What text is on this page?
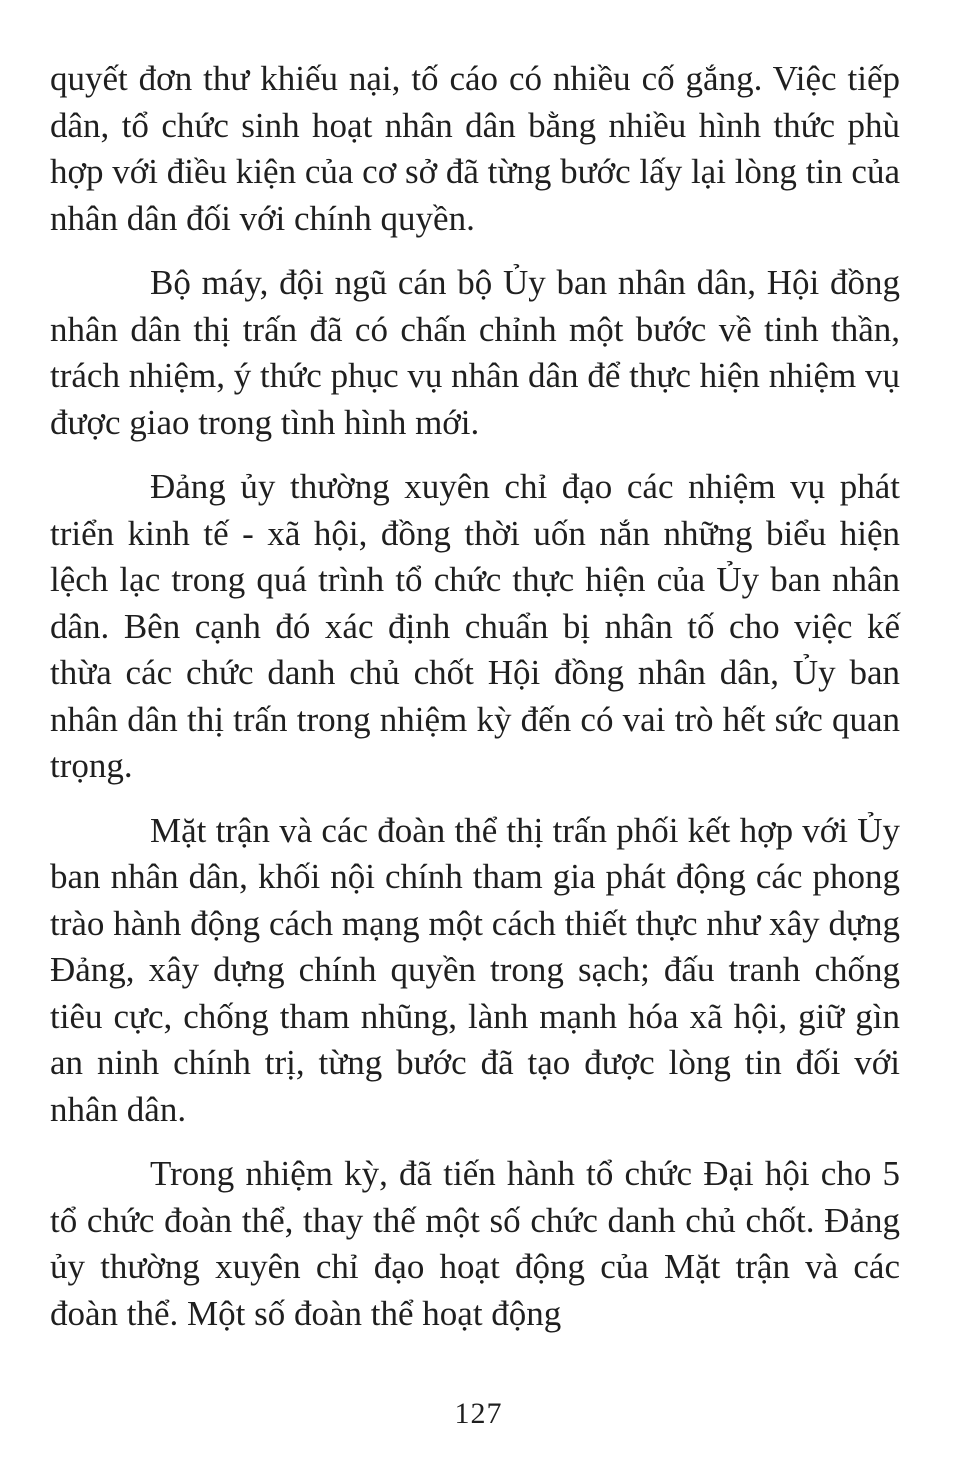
quyết đơn thư khiếu nại, tố cáo có nhiều cố gắng. Việc tiếp dân, tổ chức sinh hoạt nhân dân bằng nhiều hình thức phù hợp với điều kiện của cơ sở đã từng bước lấy lại lòng tin của nhân dân đối với chính quyền.

Bộ máy, đội ngũ cán bộ Ủy ban nhân dân, Hội đồng nhân dân thị trấn đã có chấn chỉnh một bước về tinh thần, trách nhiệm, ý thức phục vụ nhân dân để thực hiện nhiệm vụ được giao trong tình hình mới.

Đảng ủy thường xuyên chỉ đạo các nhiệm vụ phát triển kinh tế - xã hội, đồng thời uốn nắn những biểu hiện lệch lạc trong quá trình tổ chức thực hiện của Ủy ban nhân dân. Bên cạnh đó xác định chuẩn bị nhân tố cho việc kế thừa các chức danh chủ chốt Hội đồng nhân dân, Ủy ban nhân dân thị trấn trong nhiệm kỳ đến có vai trò hết sức quan trọng.

Mặt trận và các đoàn thể thị trấn phối kết hợp với Ủy ban nhân dân, khối nội chính tham gia phát động các phong trào hành động cách mạng một cách thiết thực như xây dựng Đảng, xây dựng chính quyền trong sạch; đấu tranh chống tiêu cực, chống tham nhũng, lành mạnh hóa xã hội, giữ gìn an ninh chính trị, từng bước đã tạo được lòng tin đối với nhân dân.

Trong nhiệm kỳ, đã tiến hành tổ chức Đại hội cho 5 tổ chức đoàn thể, thay thế một số chức danh chủ chốt. Đảng ủy thường xuyên chỉ đạo hoạt động của Mặt trận và các đoàn thể. Một số đoàn thể hoạt động

127
